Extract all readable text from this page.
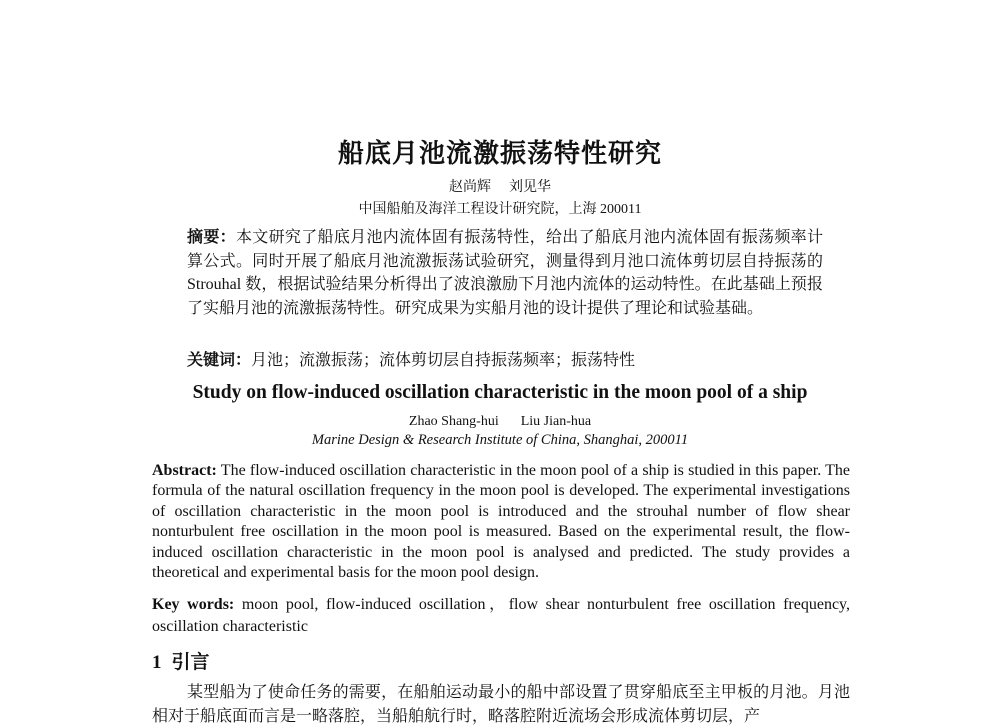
船底月池流激振荡特性研究
赵尚辉 刘见华
中国船舶及海洋工程设计研究院，上海 200011
摘要：本文研究了船底月池内流体固有振荡特性，给出了船底月池内流体固有振荡频率计算公式。同时开展了船底月池流激振荡试验研究，测量得到月池口流体剪切层自持振荡的 Strouhal 数，根据试验结果分析得出了波浪激励下月池内流体的运动特性。在此基础上预报了实船月池的流激振荡特性。研究成果为实船月池的设计提供了理论和试验基础。
关键词：月池；流激振荡；流体剪切层自持振荡频率；振荡特性
Study on flow-induced oscillation characteristic in the moon pool of a ship
Zhao Shang-hui Liu Jian-hua
Marine Design & Research Institute of China, Shanghai, 200011
Abstract: The flow-induced oscillation characteristic in the moon pool of a ship is studied in this paper. The formula of the natural oscillation frequency in the moon pool is developed. The experimental investigations of oscillation characteristic in the moon pool is introduced and the strouhal number of flow shear nonturbulent free oscillation in the moon pool is measured. Based on the experimental result, the flow-induced oscillation characteristic in the moon pool is analysed and predicted. The study provides a theoretical and experimental basis for the moon pool design.
Key words: moon pool, flow-induced oscillation，flow shear nonturbulent free oscillation frequency, oscillation characteristic
1 引言
某型船为了使命任务的需要，在船舶运动最小的船中部设置了贯穿船底至主甲板的月池。月池相对于船底面而言是一略落腔，当船舶航行时，略落腔附近流场会形成流体剪切层，产
